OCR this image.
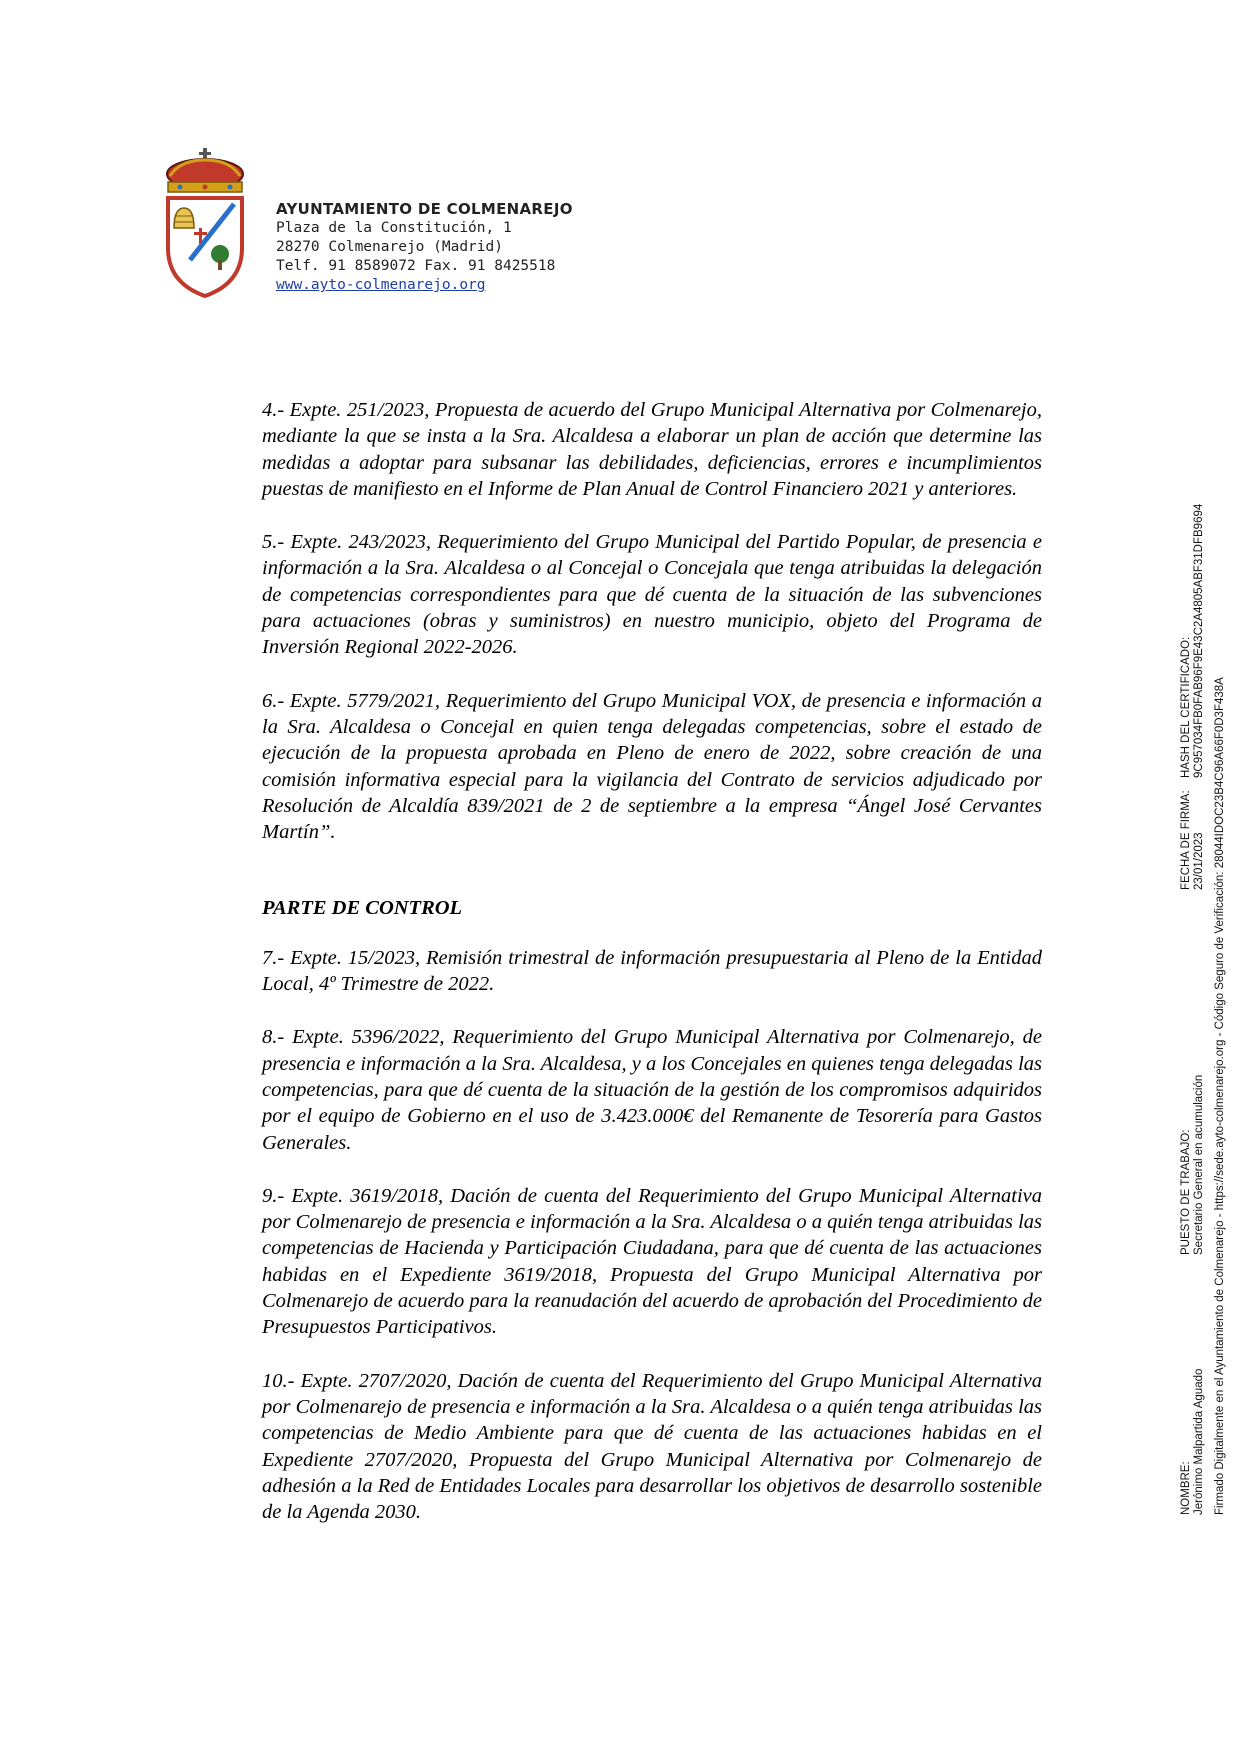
AYUNTAMIENTO DE COLMENAREJO
Plaza de la Constitución, 1
28270 Colmenarejo (Madrid)
Telf. 91 8589072 Fax. 91 8425518
www.ayto-colmenarejo.org

4.- Expte. 251/2023, Propuesta de acuerdo del Grupo Municipal Alternativa por Colmenarejo, mediante la que se insta a la Sra. Alcaldesa a elaborar un plan de acción que determine las medidas a adoptar para subsanar las debilidades, deficiencias, errores e incumplimientos puestas de manifiesto en el Informe de Plan Anual de Control Financiero 2021 y anteriores.

5.- Expte. 243/2023, Requerimiento del Grupo Municipal del Partido Popular, de presencia e información a la Sra. Alcaldesa o al Concejal o Concejala que tenga atribuidas la delegación de competencias correspondientes para que dé cuenta de la situación de las subvenciones para actuaciones (obras y suministros) en nuestro municipio, objeto del Programa de Inversión Regional 2022-2026.

6.- Expte. 5779/2021, Requerimiento del Grupo Municipal VOX, de presencia e información a la Sra. Alcaldesa o Concejal en quien tenga delegadas competencias, sobre el estado de ejecución de la propuesta aprobada en Pleno de enero de 2022, sobre creación de una comisión informativa especial para la vigilancia del Contrato de servicios adjudicado por Resolución de Alcaldía 839/2021 de 2 de septiembre a la empresa “Ángel José Cervantes Martín”.

PARTE DE CONTROL

7.- Expte. 15/2023, Remisión trimestral de información presupuestaria al Pleno de la Entidad Local, 4º Trimestre de 2022.

8.- Expte. 5396/2022, Requerimiento del Grupo Municipal Alternativa por Colmenarejo, de presencia e información a la Sra. Alcaldesa, y a los Concejales en quienes tenga delegadas las competencias, para que dé cuenta de la situación de la gestión de los compromisos adquiridos por el equipo de Gobierno en el uso de 3.423.000€ del Remanente de Tesorería para Gastos Generales.

9.- Expte. 3619/2018, Dación de cuenta del Requerimiento del Grupo Municipal Alternativa por Colmenarejo de presencia e información a la Sra. Alcaldesa o a quién tenga atribuidas las competencias de Hacienda y Participación Ciudadana, para que dé cuenta de las actuaciones habidas en el Expediente 3619/2018, Propuesta del Grupo Municipal Alternativa por Colmenarejo de acuerdo para la reanudación del acuerdo de aprobación del Procedimiento de Presupuestos Participativos.

10.- Expte. 2707/2020, Dación de cuenta del Requerimiento del Grupo Municipal Alternativa por Colmenarejo de presencia e información a la Sra. Alcaldesa o a quién tenga atribuidas las competencias de Medio Ambiente para que dé cuenta de las actuaciones habidas en el Expediente 2707/2020, Propuesta del Grupo Municipal Alternativa por Colmenarejo de adhesión a la Red de Entidades Locales para desarrollar los objetivos de desarrollo sostenible de la Agenda 2030.	NOMBRE: Jerónimo Malpartida Aguado
PUESTO DE TRABAJO: Secretario General en acumulación
FECHA DE FIRMA: 23/01/2023
HASH DEL CERTIFICADO: 9C957034FB0FAB96F9E43C2A4805ABF31DFB9694
Firmado Digitalmente en el Ayuntamiento de Colmenarejo - https://sede.ayto-colmenarejo.org - Código Seguro de Verificación: 28044IDOC23B4C96A66F0D3F438A
